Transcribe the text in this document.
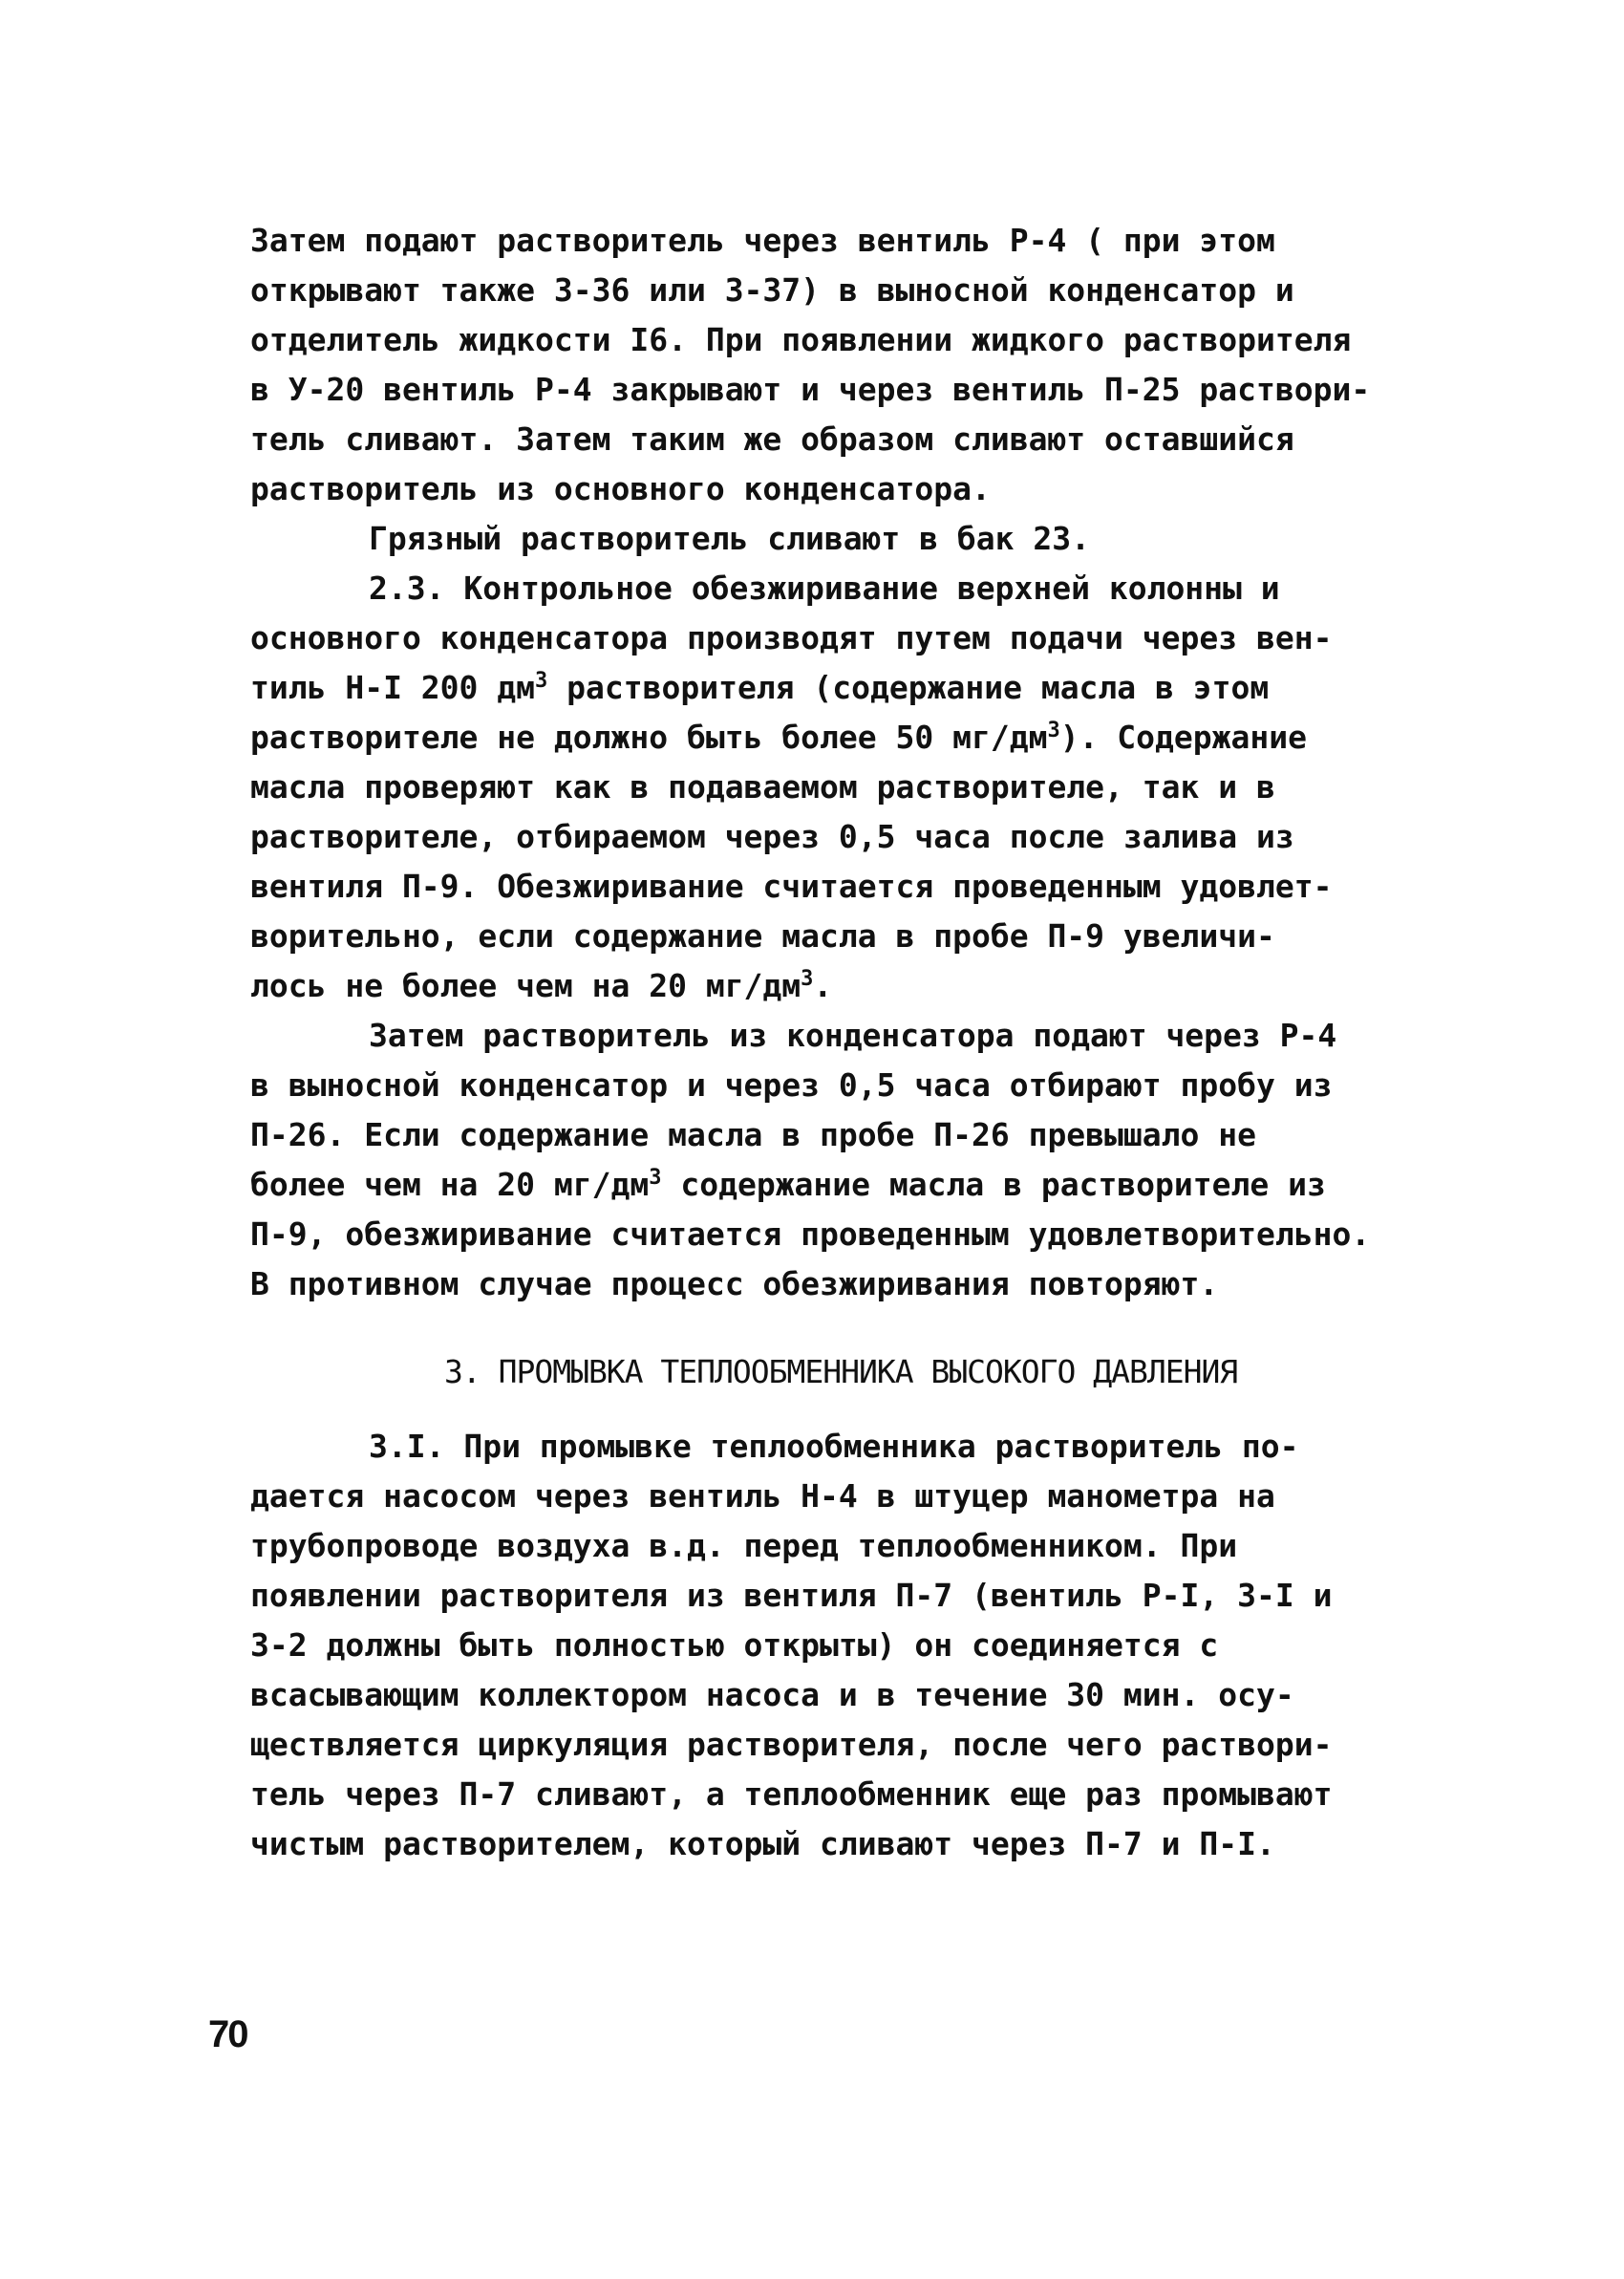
Затем подают растворитель через вентиль Р-4 ( при этом
открывают также 3-36 или 3-37) в выносной конденсатор и
отделитель жидкости I6. При появлении жидкого растворителя
в У-20 вентиль Р-4 закрывают и через вентиль П-25 раствори-
тель сливают. Затем таким же образом сливают оставшийся
растворитель из основного конденсатора.
Грязный растворитель сливают в бак 23.
2.3. Контрольное обезжиривание верхней колонны и
основного конденсатора производят путем подачи через вен-
тиль Н-I 200 $дм^3$ растворителя (содержание масла в этом
растворителе не должно быть более 50 $мг/дм^3$). Содержание
масла проверяют как в подаваемом растворителе, так и в
растворителе, отбираемом через 0,5 часа после залива из
вентиля П-9. Обезжиривание считается проведенным удовлет-
ворительно, если содержание масла в пробе П-9 увеличи-
лось не более чем на 20 $мг/дм^3$.
Затем растворитель из конденсатора подают через Р-4
в выносной конденсатор и через 0,5 часа отбирают пробу из
П-26. Если содержание масла в пробе П-26 превышало не
более чем на 20 $мг/дм^3$ содержание масла в растворителе из
П-9, обезжиривание считается проведенным удовлетворительно.
В противном случае процесс обезжиривания повторяют.
3. ПРОМЫВКА ТЕПЛООБМЕННИКА ВЫСОКОГО ДАВЛЕНИЯ
3.I. При промывке теплообменника растворитель по-
дается насосом через вентиль Н-4 в штуцер манометра на
трубопроводе воздуха в.д. перед теплообменником. При
появлении растворителя из вентиля П-7 (вентиль Р-I, 3-I и
3-2 должны быть полностью открыты) он соединяется с
всасывающим коллектором насоса и в течение 30 мин. осу-
ществляется циркуляция растворителя, после чего раствори-
тель через П-7 сливают, а теплообменник еще раз промывают
чистым растворителем, который сливают через П-7 и П-I.
70
